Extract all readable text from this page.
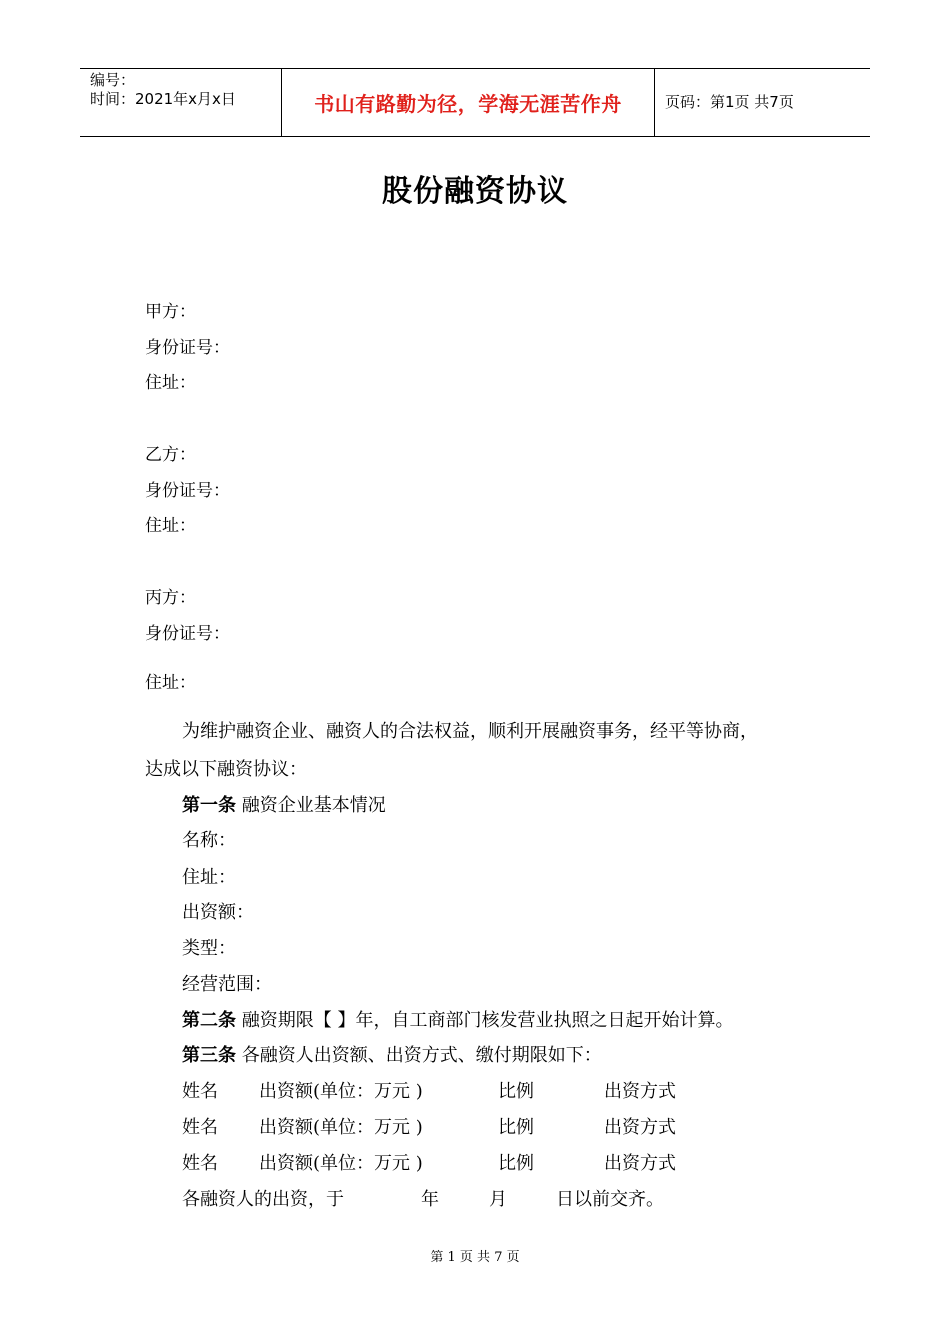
编号：
时间：2021年x月x日	书山有路勤为径，学海无涯苦作舟	页码：第1页 共7页
股份融资协议
甲方：
身份证号：
住址：
乙方：
身份证号：
住址：
丙方：
身份证号：
住址：
为维护融资企业、融资人的合法权益，顺利开展融资事务，经平等协商，
达成以下融资协议：
第一条 融资企业基本情况
名称：
住址：
出资额：
类型：
经营范围：
第二条 融资期限【 】年，自工商部门核发营业执照之日起开始计算。
第三条 各融资人出资额、出资方式、缴付期限如下：
姓名 出资额(单位：万元 )	比例	出资方式
姓名 出资额(单位：万元 )	比例	出资方式
姓名 出资额(单位：万元 )	比例	出资方式
各融资人的出资，于	年	月	日以前交齐。
第 1 页 共 7 页
